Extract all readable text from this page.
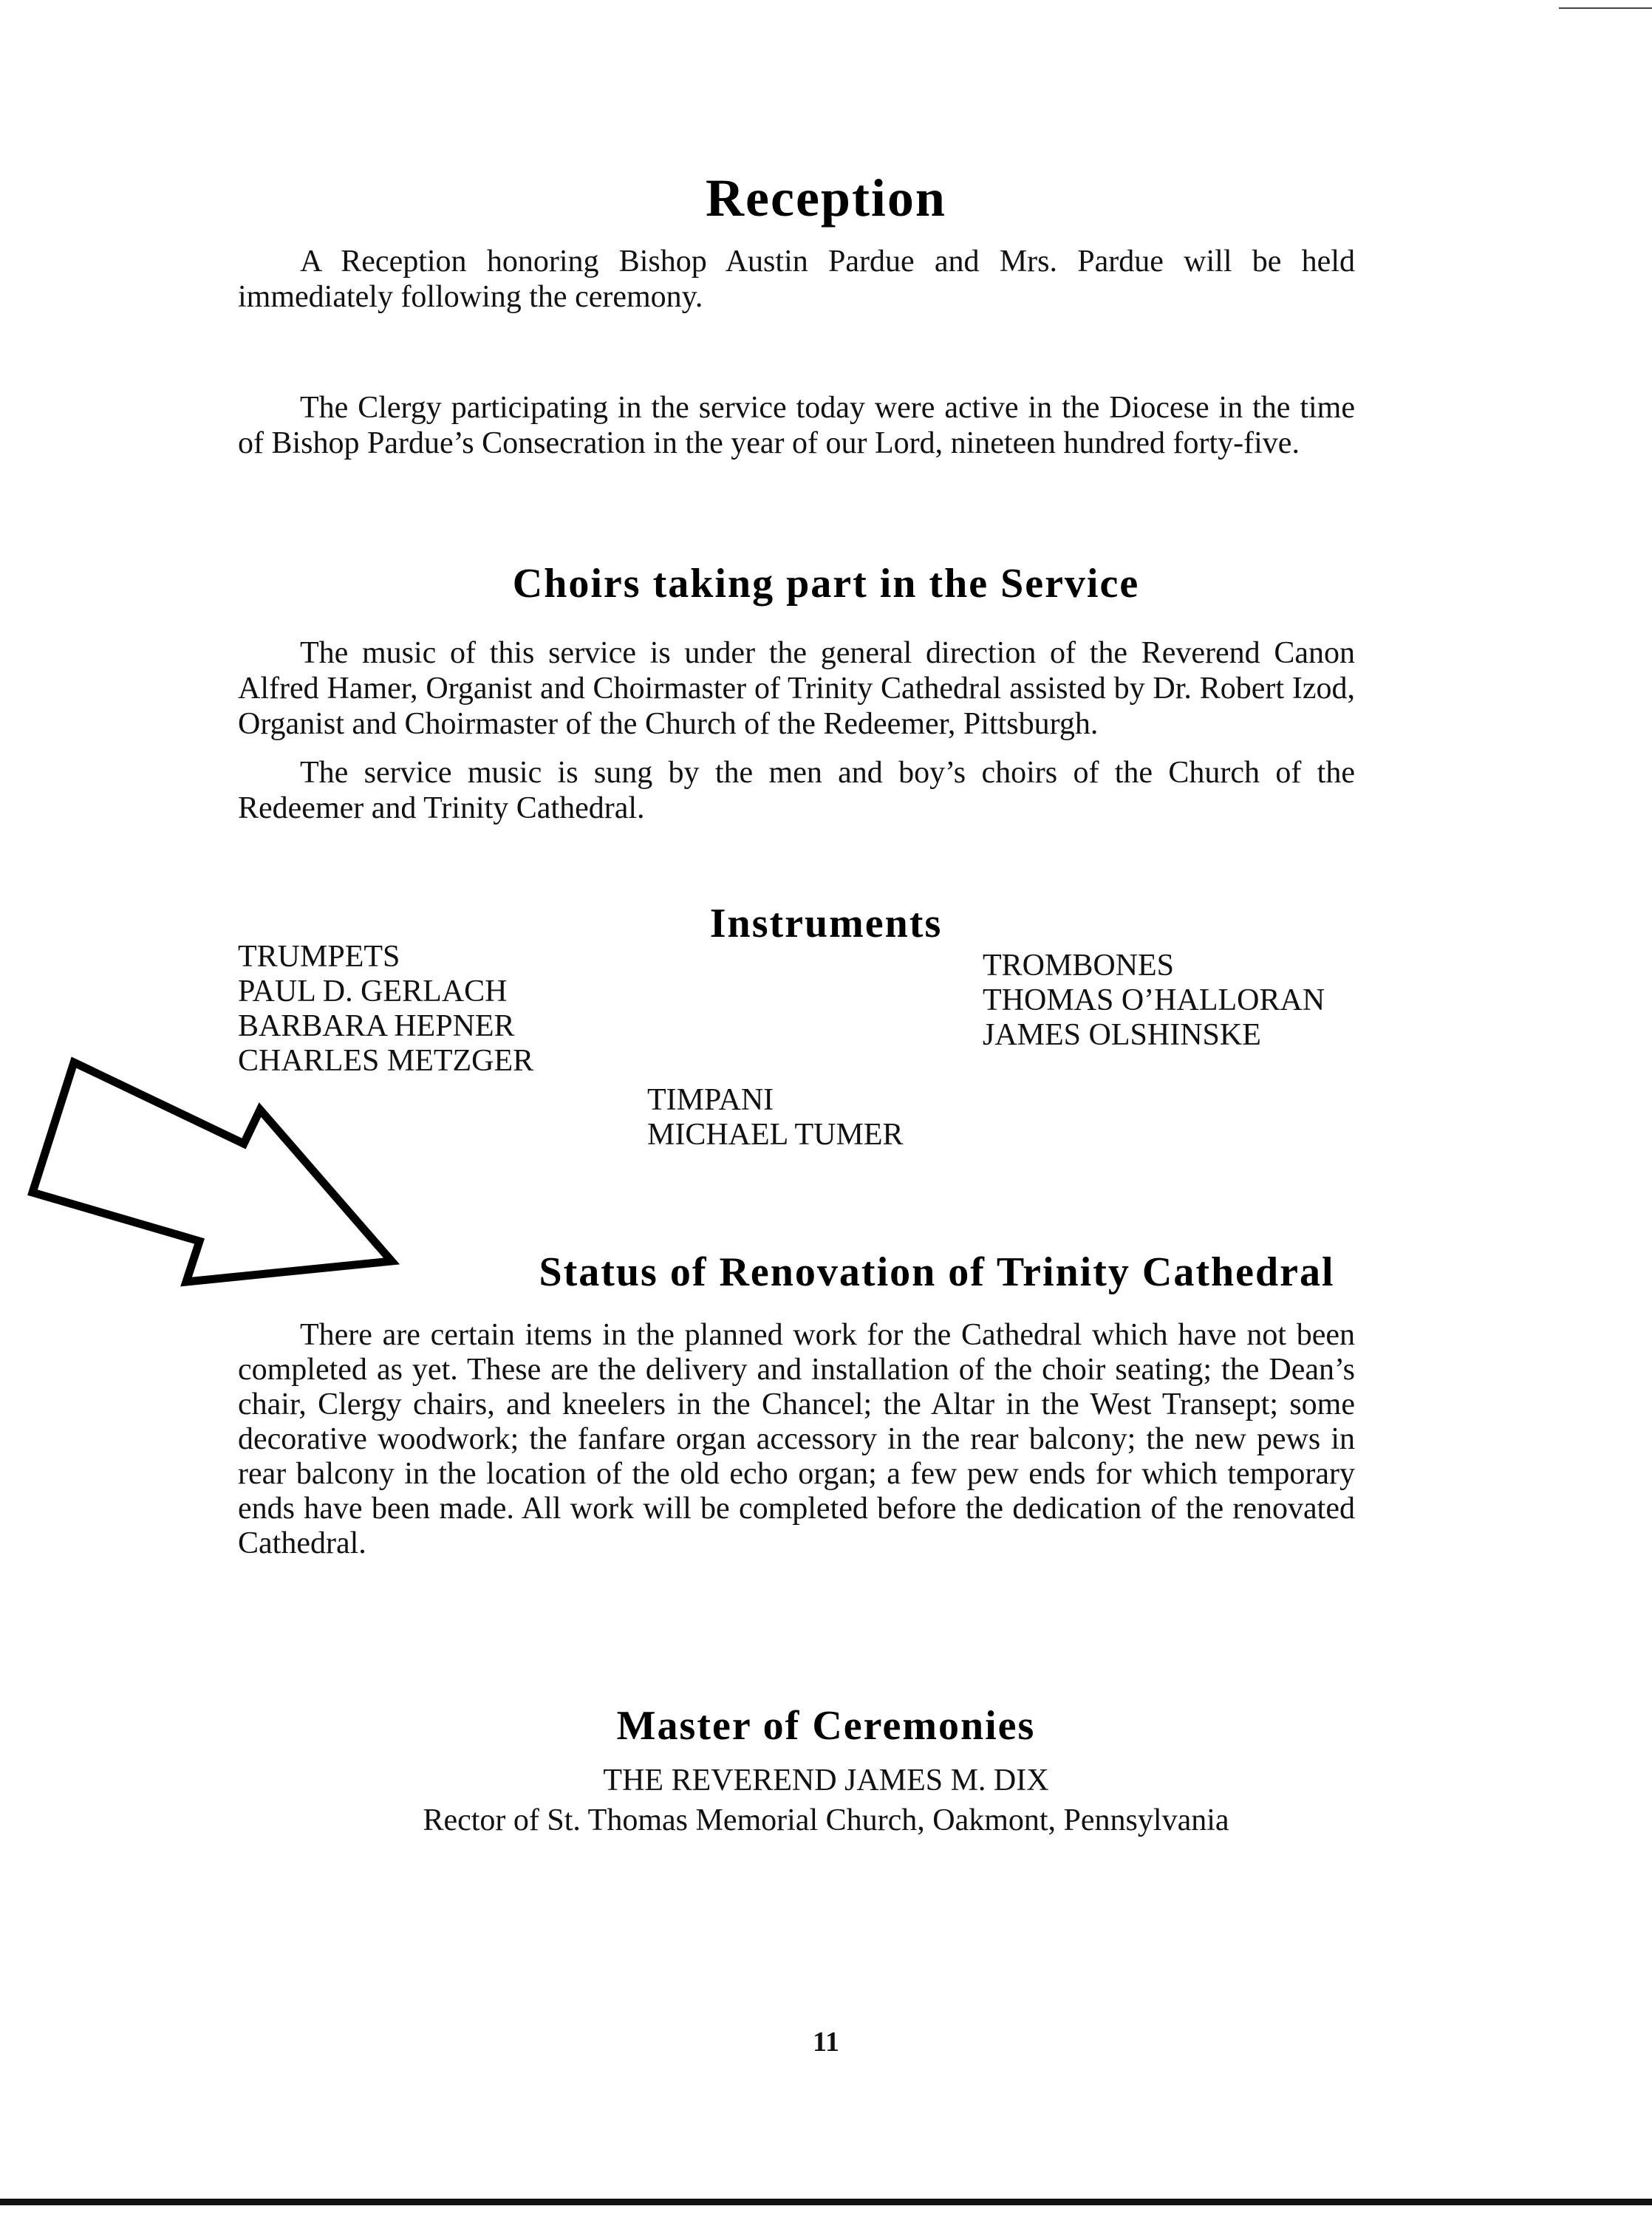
Reception

A Reception honoring Bishop Austin Pardue and Mrs. Pardue will be held immediately following the ceremony.

The Clergy participating in the service today were active in the Diocese in the time of Bishop Pardue’s Consecration in the year of our Lord, nineteen hundred forty-five.

Choirs taking part in the Service

The music of this service is under the general direction of the Reverend Canon Alfred Hamer, Organist and Choirmaster of Trinity Cathedral assisted by Dr. Robert Izod, Organist and Choirmaster of the Church of the Redeemer, Pittsburgh.

The service music is sung by the men and boy’s choirs of the Church of the Redeemer and Trinity Cathedral.

Instruments
TRUMPETS
PAUL D. GERLACH
BARBARA HEPNER
CHARLES METZGER
TROMBONES
THOMAS O’HALLORAN
JAMES OLSHINSKE
TIMPANI
MICHAEL TUMER
Status of Renovation of Trinity Cathedral

There are certain items in the planned work for the Cathedral which have not been completed as yet. These are the delivery and installation of the choir seating; the Dean’s chair, Clergy chairs, and kneelers in the Chancel; the Altar in the West Transept; some decorative woodwork; the fanfare organ accessory in the rear balcony; the new pews in rear balcony in the location of the old echo organ; a few pew ends for which temporary ends have been made. All work will be completed before the dedication of the renovated Cathedral.

Master of Ceremonies
THE REVEREND JAMES M. DIX
Rector of St. Thomas Memorial Church, Oakmont, Pennsylvania
11
